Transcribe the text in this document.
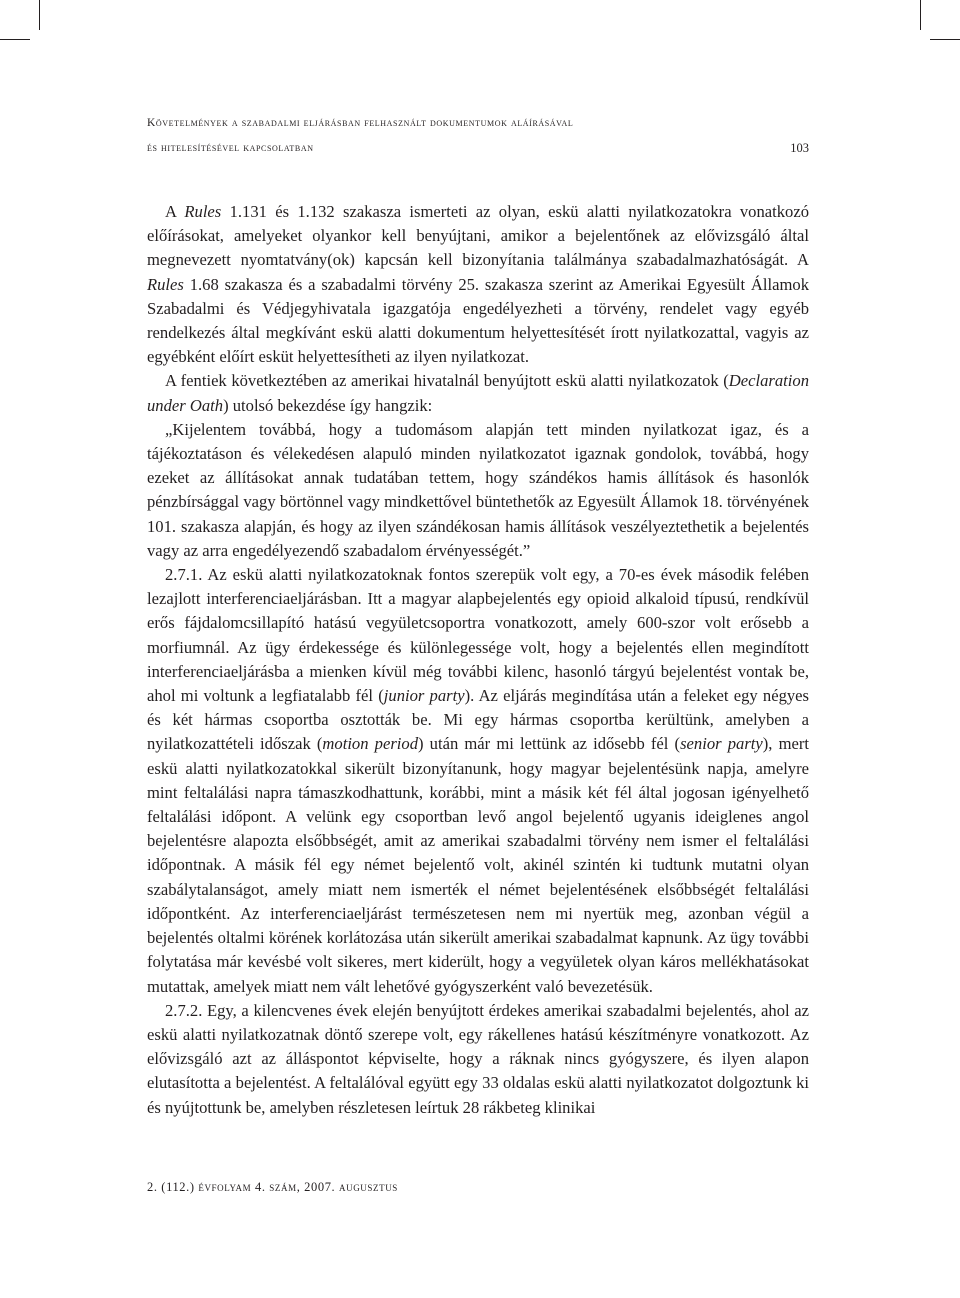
Követelmények a szabadalmi eljárásban felhasznált dokumentumok aláírásával
és hitelesítésével kapcsolatban	103

A Rules 1.131 és 1.132 szakasza ismerteti az olyan, eskü alatti nyilatkozatokra vonatkozó előírásokat, amelyeket olyankor kell benyújtani, amikor a bejelentőnek az elővizsgáló által megnevezett nyomtatvány(ok) kapcsán kell bizonyítania találmánya szabadalmazhatóságát. A Rules 1.68 szakasza és a szabadalmi törvény 25. szakasza szerint az Amerikai Egyesült Államok Szabadalmi és Védjegyhivatala igazgatója engedélyezheti a törvény, rendelet vagy egyéb rendelkezés által megkívánt eskü alatti dokumentum helyettesítését írott nyilatkozattal, vagyis az egyébként előírt esküt helyettesítheti az ilyen nyilatkozat.

A fentiek következtében az amerikai hivatalnál benyújtott eskü alatti nyilatkozatok (Declaration under Oath) utolsó bekezdése így hangzik:

„Kijelentem továbbá, hogy a tudomásom alapján tett minden nyilatkozat igaz, és a tájékoztatáson és vélekedésen alapuló minden nyilatkozatot igaznak gondolok, továbbá, hogy ezeket az állításokat annak tudatában tettem, hogy szándékos hamis állítások és hasonlók pénzbírsággal vagy börtönnel vagy mindkettővel büntethetők az Egyesült Államok 18. törvényének 101. szakasza alapján, és hogy az ilyen szándékosan hamis állítások veszélyeztethetik a bejelentés vagy az arra engedélyezendő szabadalom érvényességét.”

2.7.1. Az eskü alatti nyilatkozatoknak fontos szerepük volt egy, a 70-es évek második felében lezajlott interferenciaeljárásban. Itt a magyar alapbejelentés egy opioid alkaloid típusú, rendkívül erős fájdalomcsillapító hatású vegyületcsoportra vonatkozott, amely 600-szor volt erősebb a morfiumnál. Az ügy érdekessége és különlegessége volt, hogy a bejelentés ellen megindított interferenciaeljárásba a mienken kívül még további kilenc, hasonló tárgyú bejelentést vontak be, ahol mi voltunk a legfiatalabb fél (junior party). Az eljárás megindítása után a feleket egy négyes és két hármas csoportba osztották be. Mi egy hármas csoportba kerültünk, amelyben a nyilatkozattételi időszak (motion period) után már mi lettünk az idősebb fél (senior party), mert eskü alatti nyilatkozatokkal sikerült bizonyítanunk, hogy magyar bejelentésünk napja, amelyre mint feltalálási napra támaszkodhattunk, korábbi, mint a másik két fél által jogosan igényelhető feltalálási időpont. A velünk egy csoportban levő angol bejelentő ugyanis ideiglenes angol bejelentésre alapozta elsőbbségét, amit az amerikai szabadalmi törvény nem ismer el feltalálási időpontnak. A másik fél egy német bejelentő volt, akinél szintén ki tudtunk mutatni olyan szabálytalanságot, amely miatt nem ismerték el német bejelentésének elsőbbségét feltalálási időpontként. Az interferenciaeljárást természetesen nem mi nyertük meg, azonban végül a bejelentés oltalmi körének korlátozása után sikerült amerikai szabadalmat kapnunk. Az ügy további folytatása már kevésbé volt sikeres, mert kiderült, hogy a vegyületek olyan káros mellékhatásokat mutattak, amelyek miatt nem vált lehetővé gyógyszerként való bevezetésük.

2.7.2. Egy, a kilencvenes évek elején benyújtott érdekes amerikai szabadalmi bejelentés, ahol az eskü alatti nyilatkozatnak döntő szerepe volt, egy rákellenes hatású készítményre vonatkozott. Az elővizsgáló azt az álláspontot képviselte, hogy a ráknak nincs gyógyszere, és ilyen alapon elutasította a bejelentést. A feltalálóval együtt egy 33 oldalas eskü alatti nyilatkozatot dolgoztunk ki és nyújtottunk be, amelyben részletesen leírtuk 28 rákbeteg klinikai

2. (112.) évfolyam 4. szám, 2007. augusztus
